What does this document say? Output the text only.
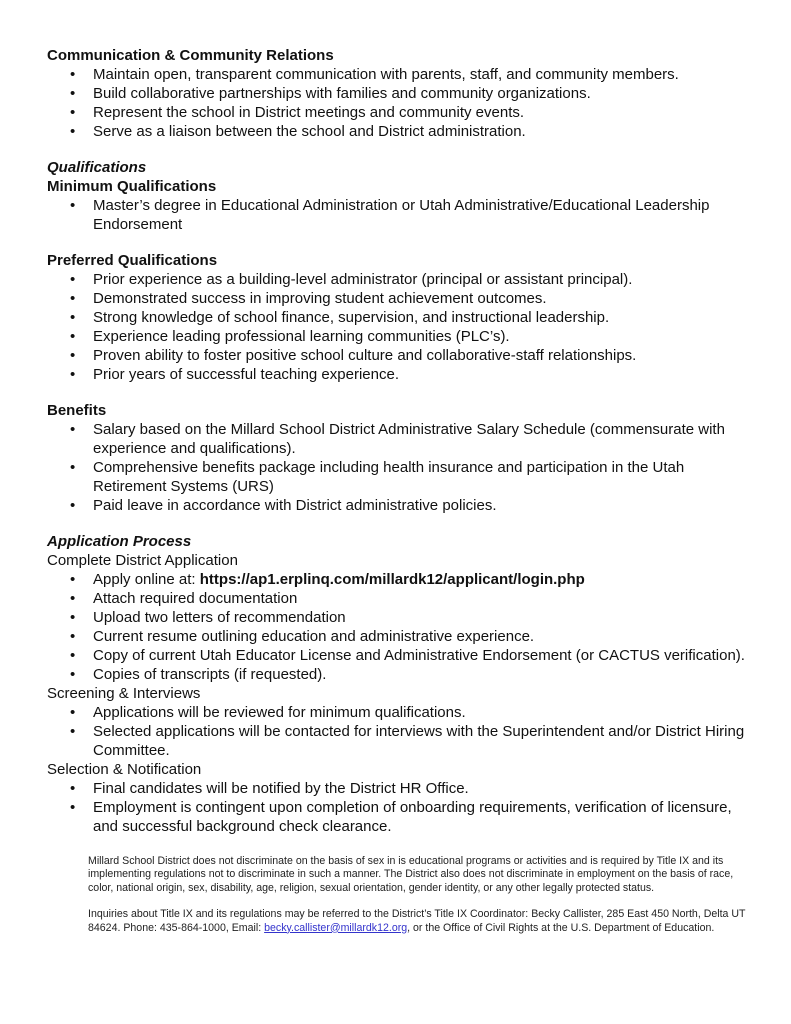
Communication & Community Relations
• Maintain open, transparent communication with parents, staff, and community members.
• Build collaborative partnerships with families and community organizations.
• Represent the school in District meetings and community events.
• Serve as a liaison between the school and District administration.
Qualifications
Minimum Qualifications
• Master’s degree in Educational Administration or Utah Administrative/Educational Leadership Endorsement
Preferred Qualifications
• Prior experience as a building-level administrator (principal or assistant principal).
• Demonstrated success in improving student achievement outcomes.
• Strong knowledge of school finance, supervision, and instructional leadership.
• Experience leading professional learning communities (PLC’s).
• Proven ability to foster positive school culture and collaborative-staff relationships.
• Prior years of successful teaching experience.
Benefits
• Salary based on the Millard School District Administrative Salary Schedule (commensurate with experience and qualifications).
• Comprehensive benefits package including health insurance and participation in the Utah Retirement Systems (URS)
• Paid leave in accordance with District administrative policies.
Application Process

Complete District Application

• Apply online at: https://ap1.erplinq.com/millardk12/applicant/login.php
• Attach required documentation
• Upload two letters of recommendation
• Current resume outlining education and administrative experience.
• Copy of current Utah Educator License and Administrative Endorsement (or CACTUS verification).
• Copies of transcripts (if requested).

Screening & Interviews

• Applications will be reviewed for minimum qualifications.
• Selected applications will be contacted for interviews with the Superintendent and/or District Hiring Committee.

Selection & Notification

• Final candidates will be notified by the District HR Office.
• Employment is contingent upon completion of onboarding requirements, verification of licensure, and successful background check clearance.

Millard School District does not discriminate on the basis of sex in is educational programs or activities and is required by Title IX and its implementing regulations not to discriminate in such a manner. The District also does not discriminate in employment on the basis of race, color, national origin, sex, disability, age, religion, sexual orientation, gender identity, or any other legally protected status.

Inquiries about Title IX and its regulations may be referred to the District’s Title IX Coordinator: Becky Callister, 285 East 450 North, Delta UT 84624. Phone: 435-864-1000, Email: becky.callister@millardk12.org, or the Office of Civil Rights at the U.S. Department of Education.
